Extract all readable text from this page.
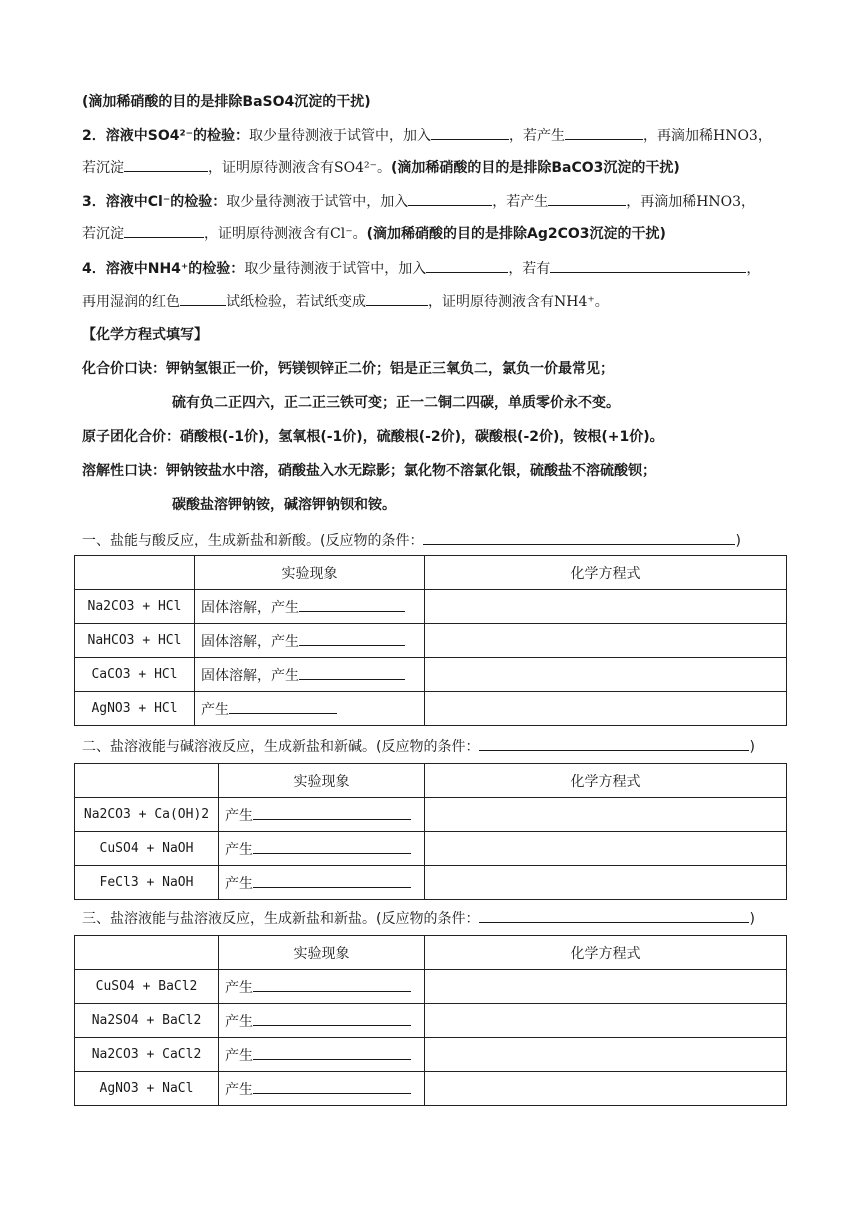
(滴加稀硝酸的目的是排除BaSO4沉淀的干扰)
2．溶液中SO4²⁻的检验：取少量待测液于试管中，加入	，若产生	，再滴加稀HNO3，
若沉淀	，证明原待测液含有SO4²⁻。(滴加稀硝酸的目的是排除BaCO3沉淀的干扰)
3．溶液中Cl⁻的检验：取少量待测液于试管中，加入	，若产生	，再滴加稀HNO3，
若沉淀	，证明原待测液含有Cl⁻。(滴加稀硝酸的目的是排除Ag2CO3沉淀的干扰)
4．溶液中NH4⁺的检验：取少量待测液于试管中，加入	，若有	，
再用湿润的红色	试纸检验，若试纸变成	，证明原待测液含有NH4⁺。
【化学方程式填写】
化合价口诀：钾钠氢银正一价，钙镁钡锌正二价；铝是正三氧负二，氯负一价最常见；
硫有负二正四六，正二正三铁可变；正一二铜二四碳，单质零价永不变。
原子团化合价：硝酸根(-1价)，氢氧根(-1价)，硫酸根(-2价)，碳酸根(-2价)，铵根(+1价)。
溶解性口诀：钾钠铵盐水中溶，硝酸盐入水无踪影；氯化物不溶氯化银，硫酸盐不溶硫酸钡；
碳酸盐溶钾钠铵，碱溶钾钠钡和铵。
一、盐能与酸反应，生成新盐和新酸。(反应物的条件：	)
	实验现象	化学方程式
Na2CO3 + HCl	固体溶解，产生	
NaHCO3 + HCl	固体溶解，产生	
CaCO3 + HCl	固体溶解，产生	
AgNO3 + HCl	产生	
二、盐溶液能与碱溶液反应，生成新盐和新碱。(反应物的条件：	)
	实验现象	化学方程式
Na2CO3 + Ca(OH)2	产生	
CuSO4 + NaOH	产生	
FeCl3 + NaOH	产生	
三、盐溶液能与盐溶液反应，生成新盐和新盐。(反应物的条件：	)
	实验现象	化学方程式
CuSO4 + BaCl2	产生	
Na2SO4 + BaCl2	产生	
Na2CO3 + CaCl2	产生	
AgNO3 + NaCl	产生	
